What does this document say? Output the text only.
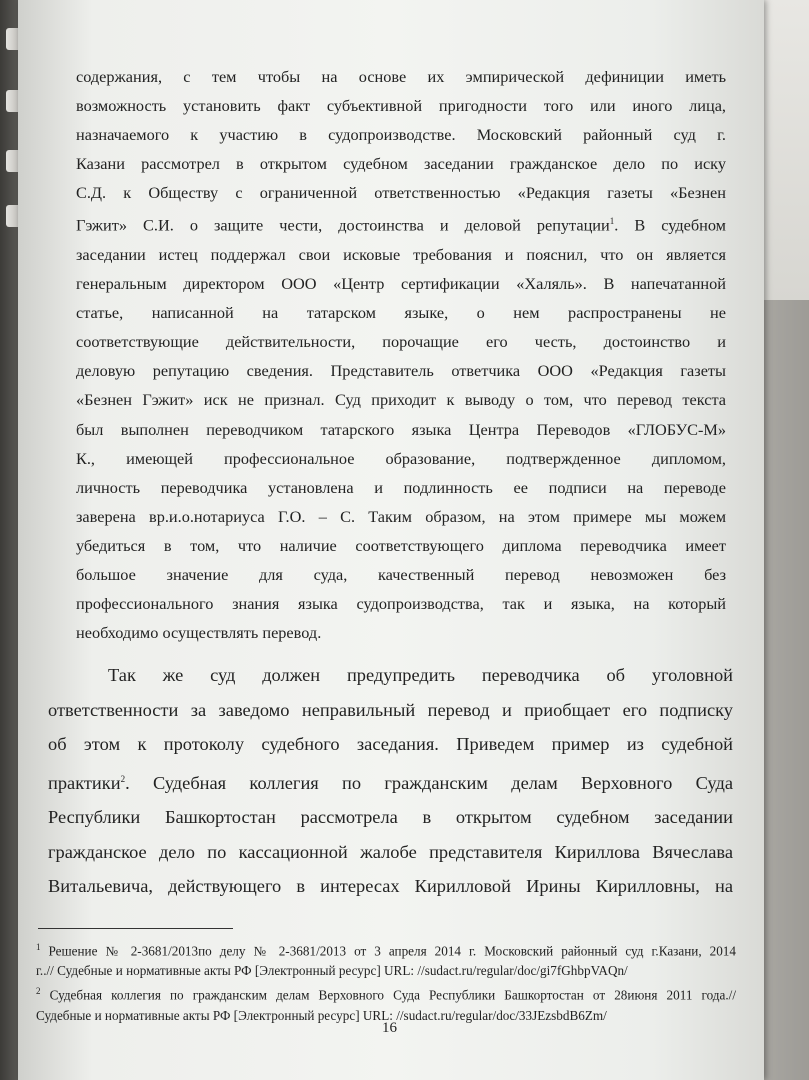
содержания, с тем чтобы на основе их эмпирической дефиниции иметь
возможность установить факт субъективной пригодности того или иного лица,
назначаемого к участию в судопроизводстве. Московский районный суд г.
Казани рассмотрел в открытом судебном заседании гражданское дело по иску
С.Д. к Обществу с ограниченной ответственностью «Редакция газеты «Безнен
Гэжит» С.И. о защите чести, достоинства и деловой репутации$^1$. В судебном
заседании истец поддержал свои исковые требования и пояснил, что он является
генеральным директором ООО «Центр сертификации «Халяль». В напечатанной
статье, написанной на татарском языке, о нем распространены не
соответствующие действительности, порочащие его честь, достоинство и
деловую репутацию сведения. Представитель ответчика ООО «Редакция газеты
«Безнен Гэжит» иск не признал. Суд приходит к выводу о том, что перевод текста
был выполнен переводчиком татарского языка Центра Переводов «ГЛОБУС-М»
К., имеющей профессиональное образование, подтвержденное дипломом,
личность переводчика установлена и подлинность ее подписи на переводе
заверена вр.и.о.нотариуса Г.О. – С. Таким образом, на этом примере мы можем
убедиться в том, что наличие соответствующего диплома переводчика имеет
большое значение для суда, качественный перевод невозможен без
профессионального знания языка судопроизводства, так и языка, на который
необходимо осуществлять перевод.
Так же суд должен предупредить переводчика об уголовной
ответственности за заведомо неправильный перевод и приобщает его подписку
об этом к протоколу судебного заседания. Приведем пример из судебной
практики$^2$. Судебная коллегия по гражданским делам Верховного Суда
Республики Башкортостан рассмотрела в открытом судебном заседании
гражданское дело по кассационной жалобе представителя Кириллова Вячеслава
Витальевича, действующего в интересах Кирилловой Ирины Кирилловны, на
$^1$ Решение № 2-3681/2013по делу № 2-3681/2013 от 3 апреля 2014 г. Московский районный суд г.Казани, 2014
г..// Судебные и нормативные акты РФ [Электронный ресурс] URL: //sudact.ru/regular/doc/gi7fGhbpVAQn/
$^2$ Судебная коллегия по гражданским делам Верховного Суда Республики Башкортостан от 28июня 2011 года.//
Судебные и нормативные акты РФ [Электронный ресурс] URL: //sudact.ru/regular/doc/33JEzsbdB6Zm/
16
